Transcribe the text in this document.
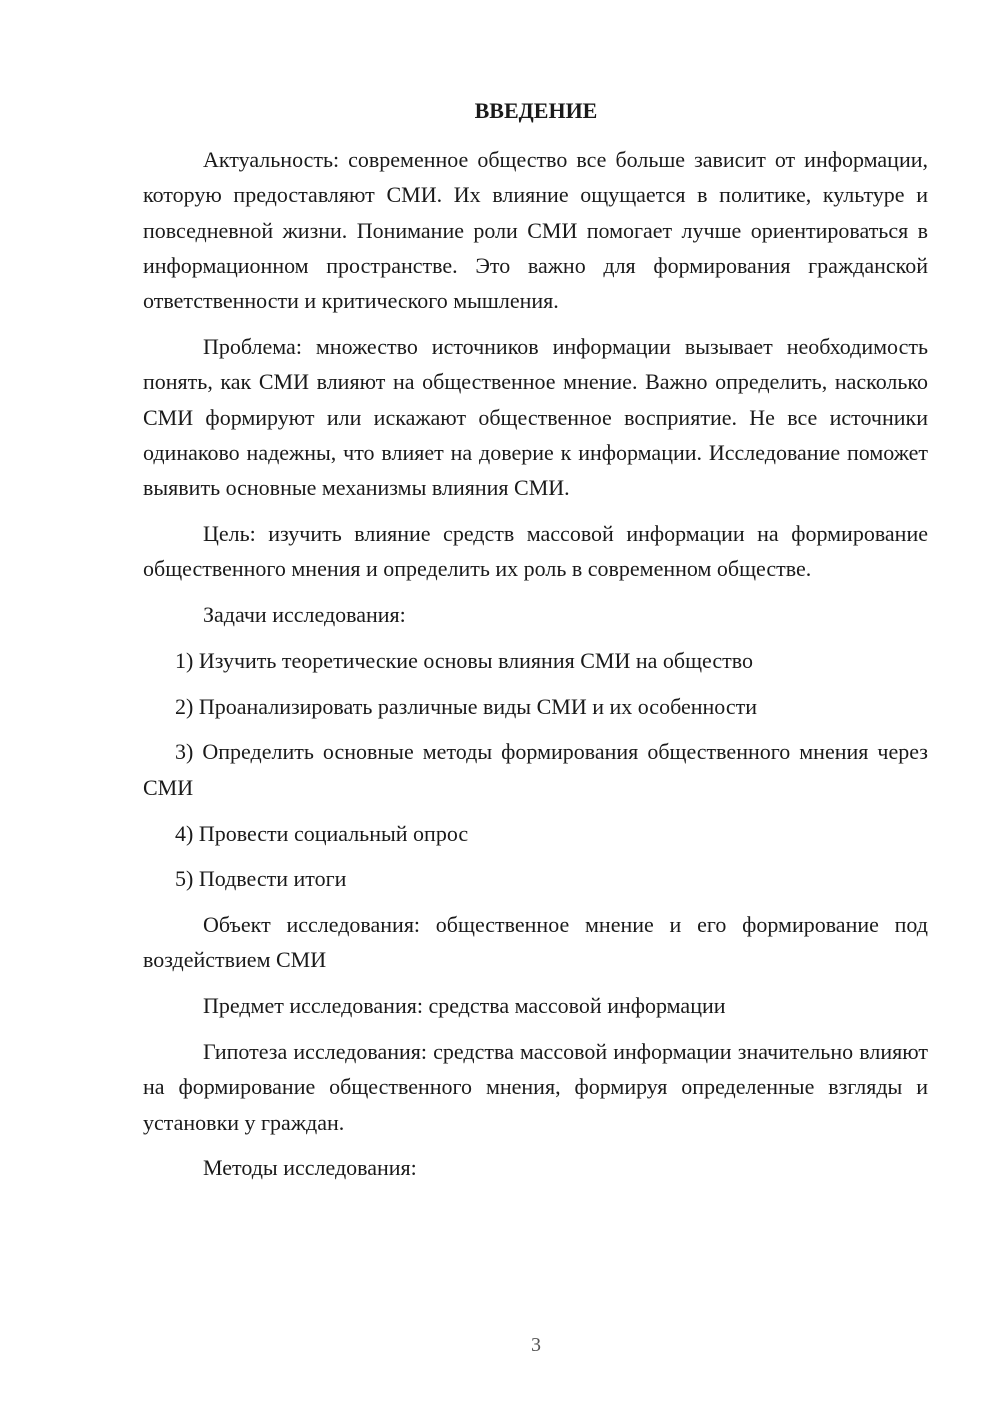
ВВЕДЕНИЕ

Актуальность: современное общество все больше зависит от информации, которую предоставляют СМИ. Их влияние ощущается в политике, культуре и повседневной жизни. Понимание роли СМИ помогает лучше ориентироваться в информационном пространстве. Это важно для формирования гражданской ответственности и критического мышления.

Проблема: множество источников информации вызывает необходимость понять, как СМИ влияют на общественное мнение. Важно определить, насколько СМИ формируют или искажают общественное восприятие. Не все источники одинаково надежны, что влияет на доверие к информации. Исследование поможет выявить основные механизмы влияния СМИ.

Цель: изучить влияние средств массовой информации на формирование общественного мнения и определить их роль в современном обществе.

Задачи исследования:

1) Изучить теоретические основы влияния СМИ на общество

2) Проанализировать различные виды СМИ и их особенности

3) Определить основные методы формирования общественного мнения через СМИ

4) Провести социальный опрос

5) Подвести итоги

Объект исследования: общественное мнение и его формирование под воздействием СМИ

Предмет исследования: средства массовой информации

Гипотеза исследования: средства массовой информации значительно влияют на формирование общественного мнения, формируя определенные взгляды и установки у граждан.

Методы исследования:

3
